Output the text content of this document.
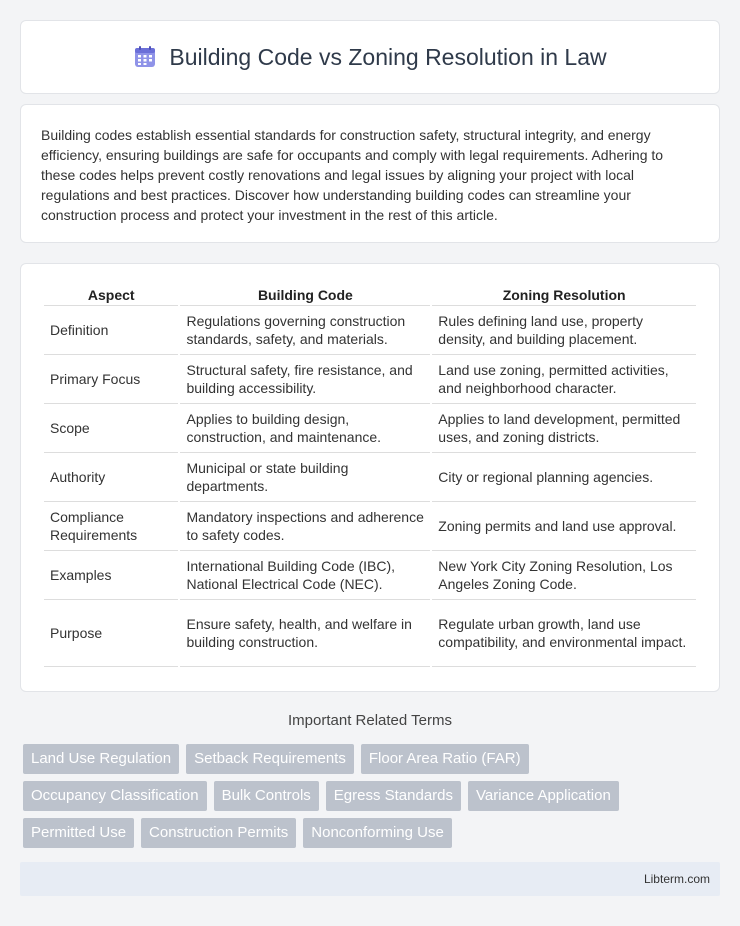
Building Code vs Zoning Resolution in Law

Building codes establish essential standards for construction safety, structural integrity, and energy efficiency, ensuring buildings are safe for occupants and comply with legal requirements. Adhering to these codes helps prevent costly renovations and legal issues by aligning your project with local regulations and best practices. Discover how understanding building codes can streamline your construction process and protect your investment in the rest of this article.

Aspect	Building Code	Zoning Resolution
Definition	Regulations governing construction standards, safety, and materials.	Rules defining land use, property density, and building placement.
Primary Focus	Structural safety, fire resistance, and building accessibility.	Land use zoning, permitted activities, and neighborhood character.
Scope	Applies to building design, construction, and maintenance.	Applies to land development, permitted uses, and zoning districts.
Authority	Municipal or state building departments.	City or regional planning agencies.
Compliance Requirements	Mandatory inspections and adherence to safety codes.	Zoning permits and land use approval.
Examples	International Building Code (IBC), National Electrical Code (NEC).	New York City Zoning Resolution, Los Angeles Zoning Code.
Purpose	Ensure safety, health, and welfare in building construction.	Regulate urban growth, land use compatibility, and environmental impact.
Important Related Terms
Land Use Regulation	Setback Requirements	Floor Area Ratio (FAR)
Occupancy Classification	Bulk Controls	Egress Standards	Variance Application
Permitted Use	Construction Permits	Nonconforming Use
Libterm.com
